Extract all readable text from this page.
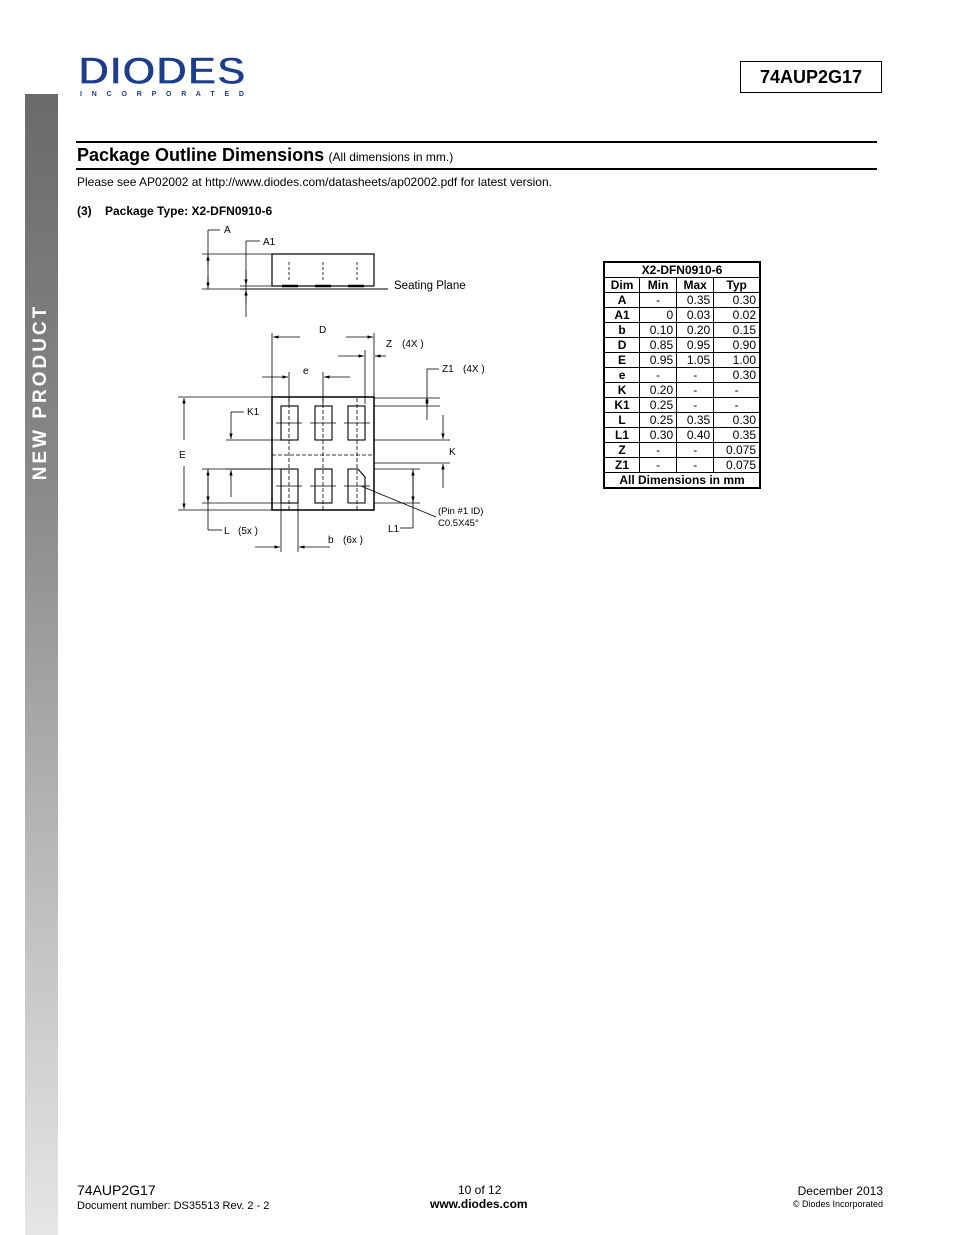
NEW PRODUCT
DIODES
I N C O R P O R A T E D
74AUP2G17
Package Outline Dimensions (All dimensions in mm.)
Please see AP02002 at http://www.diodes.com/datasheets/ap02002.pdf for latest version.
(3) Package Type: X2-DFN0910-6
A
A1
Seating Plane
D
Z (4X )
e	Z1 (4X )
K1
E	K
L (5x )	L1
b (6x )
(Pin #1 ID)
C0.5X45°
X2-DFN0910-6			
Dim	Min	Max	Typ
A	-	0.35	0.30
A1	0	0.03	0.02
b	0.10	0.20	0.15
D	0.85	0.95	0.90
E	0.95	1.05	1.00
e	-	-	0.30
K	0.20	-	-
K1	0.25	-	-
L	0.25	0.35	0.30
L1	0.30	0.40	0.35
Z	-	-	0.075
Z1	-	-	0.075
All Dimensions in mm			
74AUP2G17
Document number: DS35513 Rev. 2 - 2
10 of 12
www.diodes.com
December 2013
© Diodes Incorporated
